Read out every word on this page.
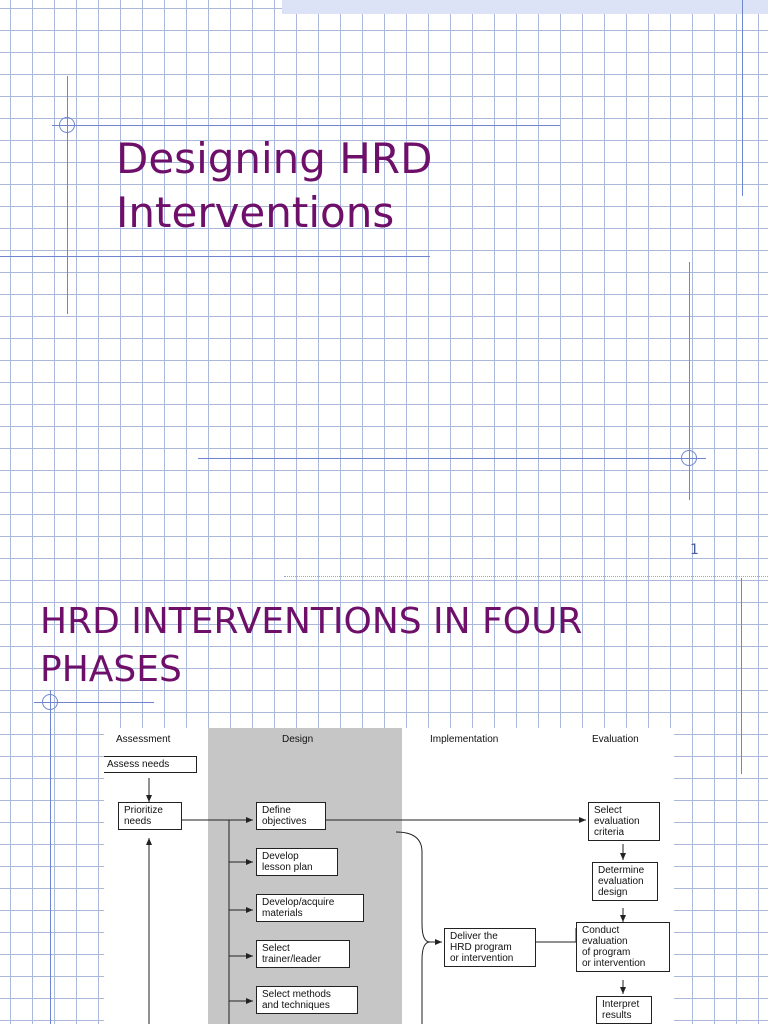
Designing HRD
Interventions
1
HRD INTERVENTIONS IN FOUR
PHASES
Assessment	Design	Implementation	Evaluation
Assess needs
Prioritize
needs
Define
objectives
Develop
lesson plan
Develop/acquire
materials
Select
trainer/leader
Select methods
and techniques
Deliver the
HRD program
or intervention
Select
evaluation
criteria
Determine
evaluation
design
Conduct
evaluation
of program
or intervention
Interpret
results
